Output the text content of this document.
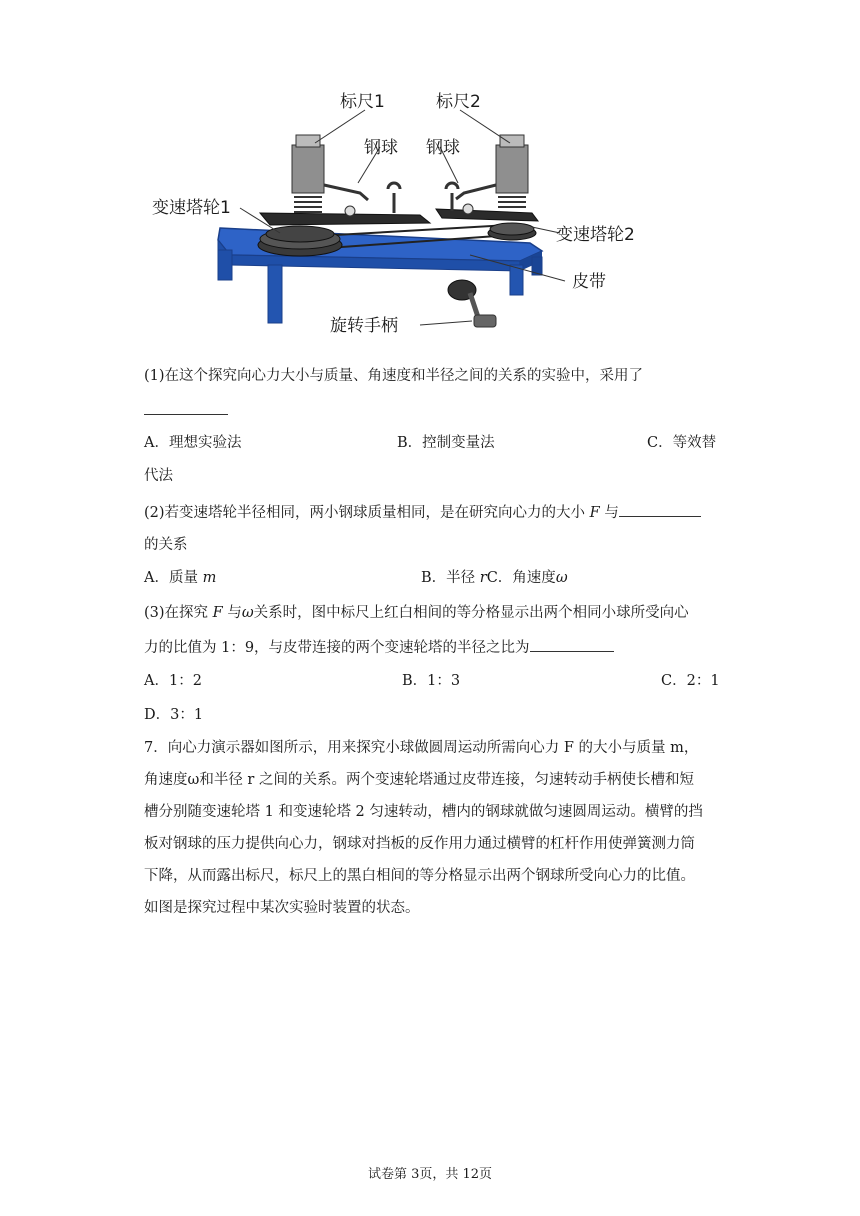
标尺1	标尺2
钢球 钢球
变速塔轮1
变速塔轮2
皮带
旋转手柄
(1)在这个探究向心力大小与质量、角速度和半径之间的关系的实验中，采用了
A．理想实验法	B．控制变量法	C．等效替
代法
(2)若变速塔轮半径相同，两小钢球质量相同，是在研究向心力的大小 F 与
的关系
A．质量 m	B．半径 rC．角速度ω
(3)在探究 F 与ω关系时，图中标尺上红白相间的等分格显示出两个相同小球所受向心
力的比值为 1：9，与皮带连接的两个变速轮塔的半径之比为
A．1：2	B．1：3	C．2：1
D．3：1
7．向心力演示器如图所示，用来探究小球做圆周运动所需向心力 F 的大小与质量 m，
角速度ω和半径 r 之间的关系。两个变速轮塔通过皮带连接，匀速转动手柄使长槽和短
槽分别随变速轮塔 1 和变速轮塔 2 匀速转动，槽内的钢球就做匀速圆周运动。横臂的挡
板对钢球的压力提供向心力，钢球对挡板的反作用力通过横臂的杠杆作用使弹簧测力筒
下降，从而露出标尺，标尺上的黑白相间的等分格显示出两个钢球所受向心力的比值。
如图是探究过程中某次实验时装置的状态。
试卷第 3页，共 12页
